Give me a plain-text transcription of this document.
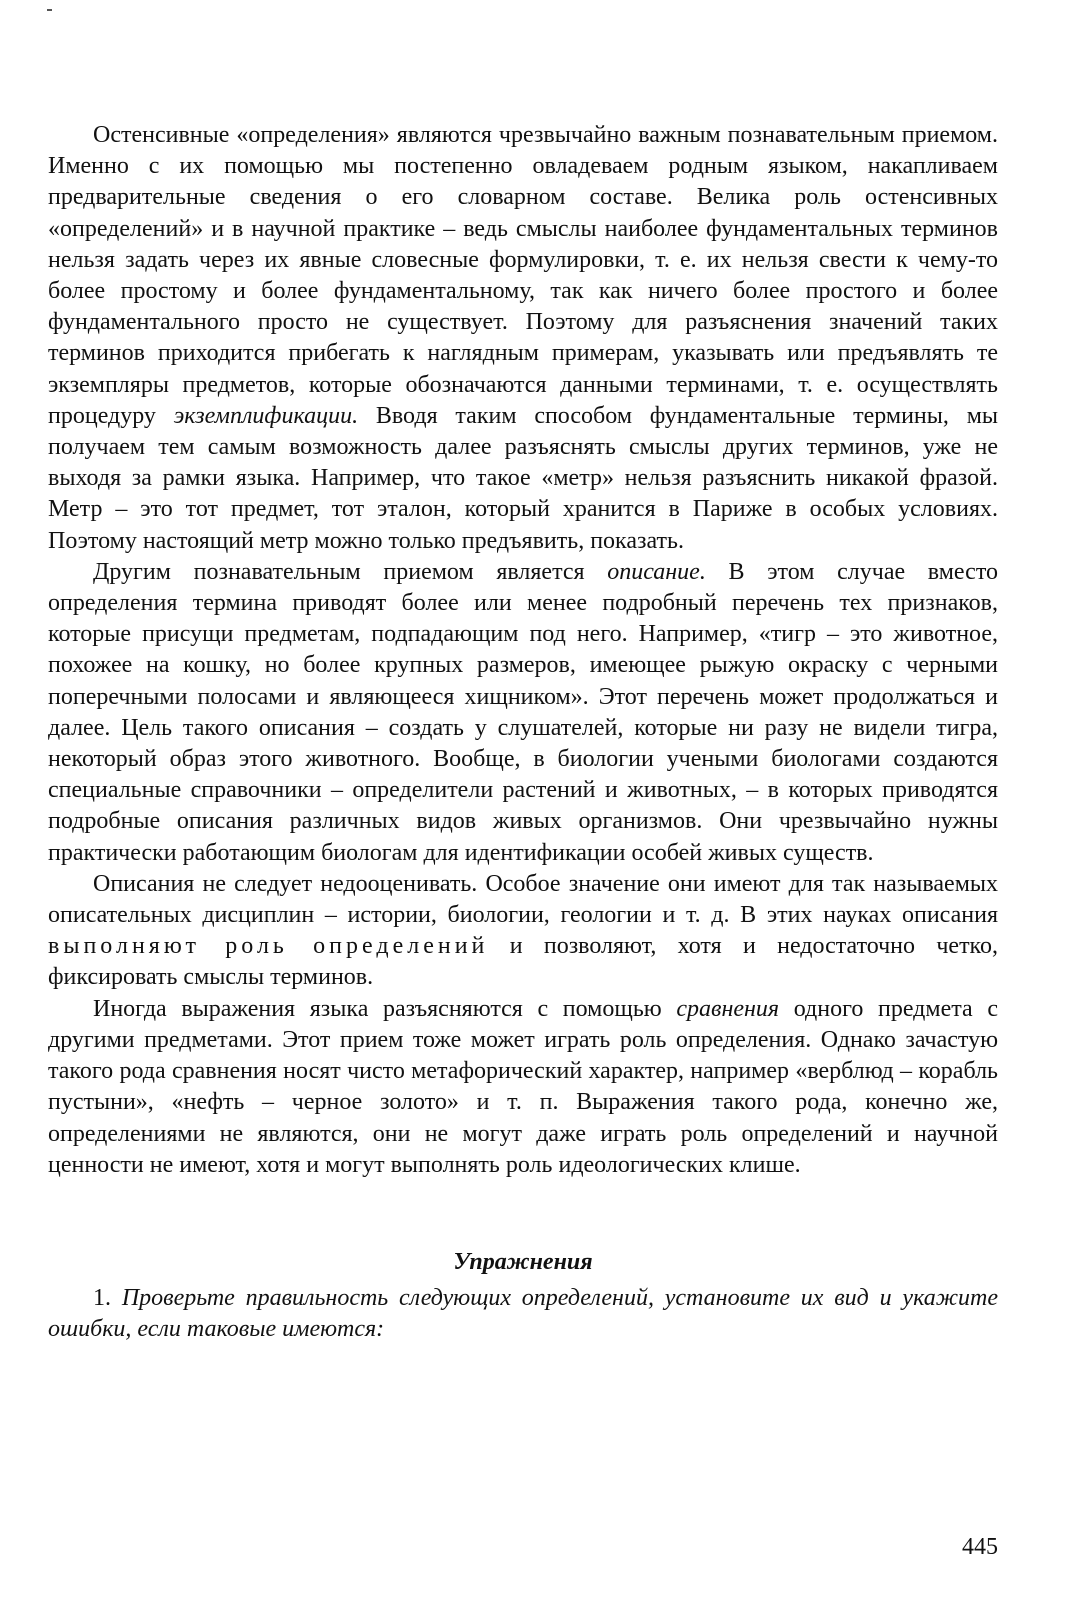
Остенсивные «определения» являются чрезвычайно важным познавательным приемом. Именно с их помощью мы постепенно овладеваем родным языком, накапливаем предварительные сведения о его словарном составе. Велика роль остенсивных «определений» и в научной практике – ведь смыслы наиболее фундаментальных терминов нельзя задать через их явные словесные формулировки, т. е. их нельзя свести к чему-то более простому и более фундаментальному, так как ничего более простого и более фундаментального просто не существует. Поэтому для разъяснения значений таких терминов приходится прибегать к наглядным примерам, указывать или предъявлять те экземпляры предметов, которые обозначаются данными терминами, т. е. осуществлять процедуру экземплификации. Вводя таким способом фундаментальные термины, мы получаем тем самым возможность далее разъяснять смыслы других терминов, уже не выходя за рамки языка. Например, что такое «метр» нельзя разъяснить никакой фразой. Метр – это тот предмет, тот эталон, который хранится в Париже в особых условиях. Поэтому настоящий метр можно только предъявить, показать.

Другим познавательным приемом является описание. В этом случае вместо определения термина приводят более или менее подробный перечень тех признаков, которые присущи предметам, подпадающим под него. Например, «тигр – это животное, похожее на кошку, но более крупных размеров, имеющее рыжую окраску с черными поперечными полосами и являющееся хищником». Этот перечень может продолжаться и далее. Цель такого описания – создать у слушателей, которые ни разу не видели тигра, некоторый образ этого животного. Вообще, в биологии учеными биологами создаются специальные справочники – определители растений и животных, – в которых приводятся подробные описания различных видов живых организмов. Они чрезвычайно нужны практически работающим биологам для идентификации особей живых существ.

Описания не следует недооценивать. Особое значение они имеют для так называемых описательных дисциплин – истории, биологии, геологии и т. д. В этих науках описания выполняют роль определений и позволяют, хотя и недостаточно четко, фиксировать смыслы терминов.

Иногда выражения языка разъясняются с помощью сравнения одного предмета с другими предметами. Этот прием тоже может играть роль определения. Однако зачастую такого рода сравнения носят чисто метафорический характер, например «верблюд – корабль пустыни», «нефть – черное золото» и т. п. Выражения такого рода, конечно же, определениями не являются, они не могут даже играть роль определений и научной ценности не имеют, хотя и могут выполнять роль идеологических клише.

Упражнения

1. Проверьте правильность следующих определений, установите их вид и укажите ошибки, если таковые имеются:

445
